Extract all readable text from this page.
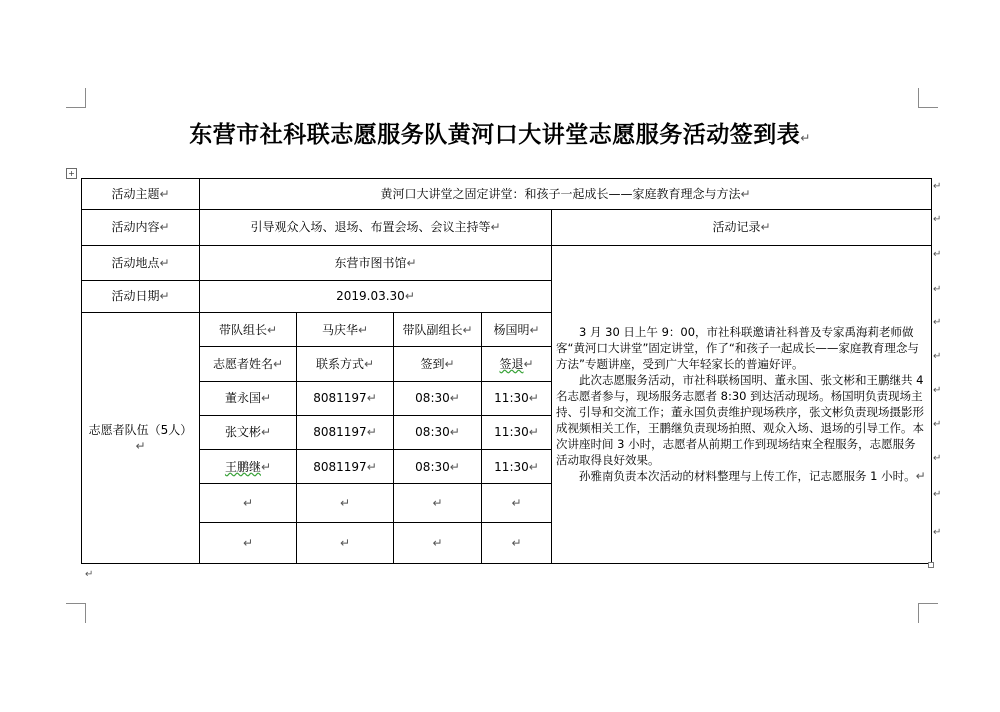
东营市社科联志愿服务队黄河口大讲堂志愿服务活动签到表↵
+
活动主题↵	黄河口大讲堂之固定讲堂：和孩子一起成长——家庭教育理念与方法↵				
活动内容↵	引导观众入场、退场、布置会场、会议主持等↵				活动记录↵
活动地点↵	东营市图书馆↵				3 月 30 日上午 9：00，市社科联邀请社科普及专家禹海莉老师做客“黄河口大讲堂”固定讲堂，作了“和孩子一起成长——家庭教育理念与方法”专题讲座，受到广大年轻家长的普遍好评。

此次志愿服务活动，市社科联杨国明、董永国、张文彬和王鹏继共 4 名志愿者参与，现场服务志愿者 8:30 到达活动现场。杨国明负责现场主持、引导和交流工作；董永国负责维护现场秩序，张文彬负责现场摄影形成视频相关工作，王鹏继负责现场拍照、观众入场、退场的引导工作。本次讲座时间 3 小时，志愿者从前期工作到现场结束全程服务，志愿服务活动取得良好效果。

孙雅南负责本次活动的材料整理与上传工作，记志愿服务 1 小时。↵

活动日期↵	2019.03.30↵				
志愿者队伍（5人）↵	带队组长↵	马庆华↵	带队副组长↵	杨国明↵	
	志愿者姓名↵	联系方式↵	签到↵	签退↵	
	董永国↵	8081197↵	08:30↵	11:30↵	
	张文彬↵	8081197↵	08:30↵	11:30↵	
	王鹏继↵	8081197↵	08:30↵	11:30↵	
	↵	↵	↵	↵	
	↵	↵	↵	↵	
↵
↵
↵
↵
↵
↵
↵
↵
↵
↵
↵
↵
